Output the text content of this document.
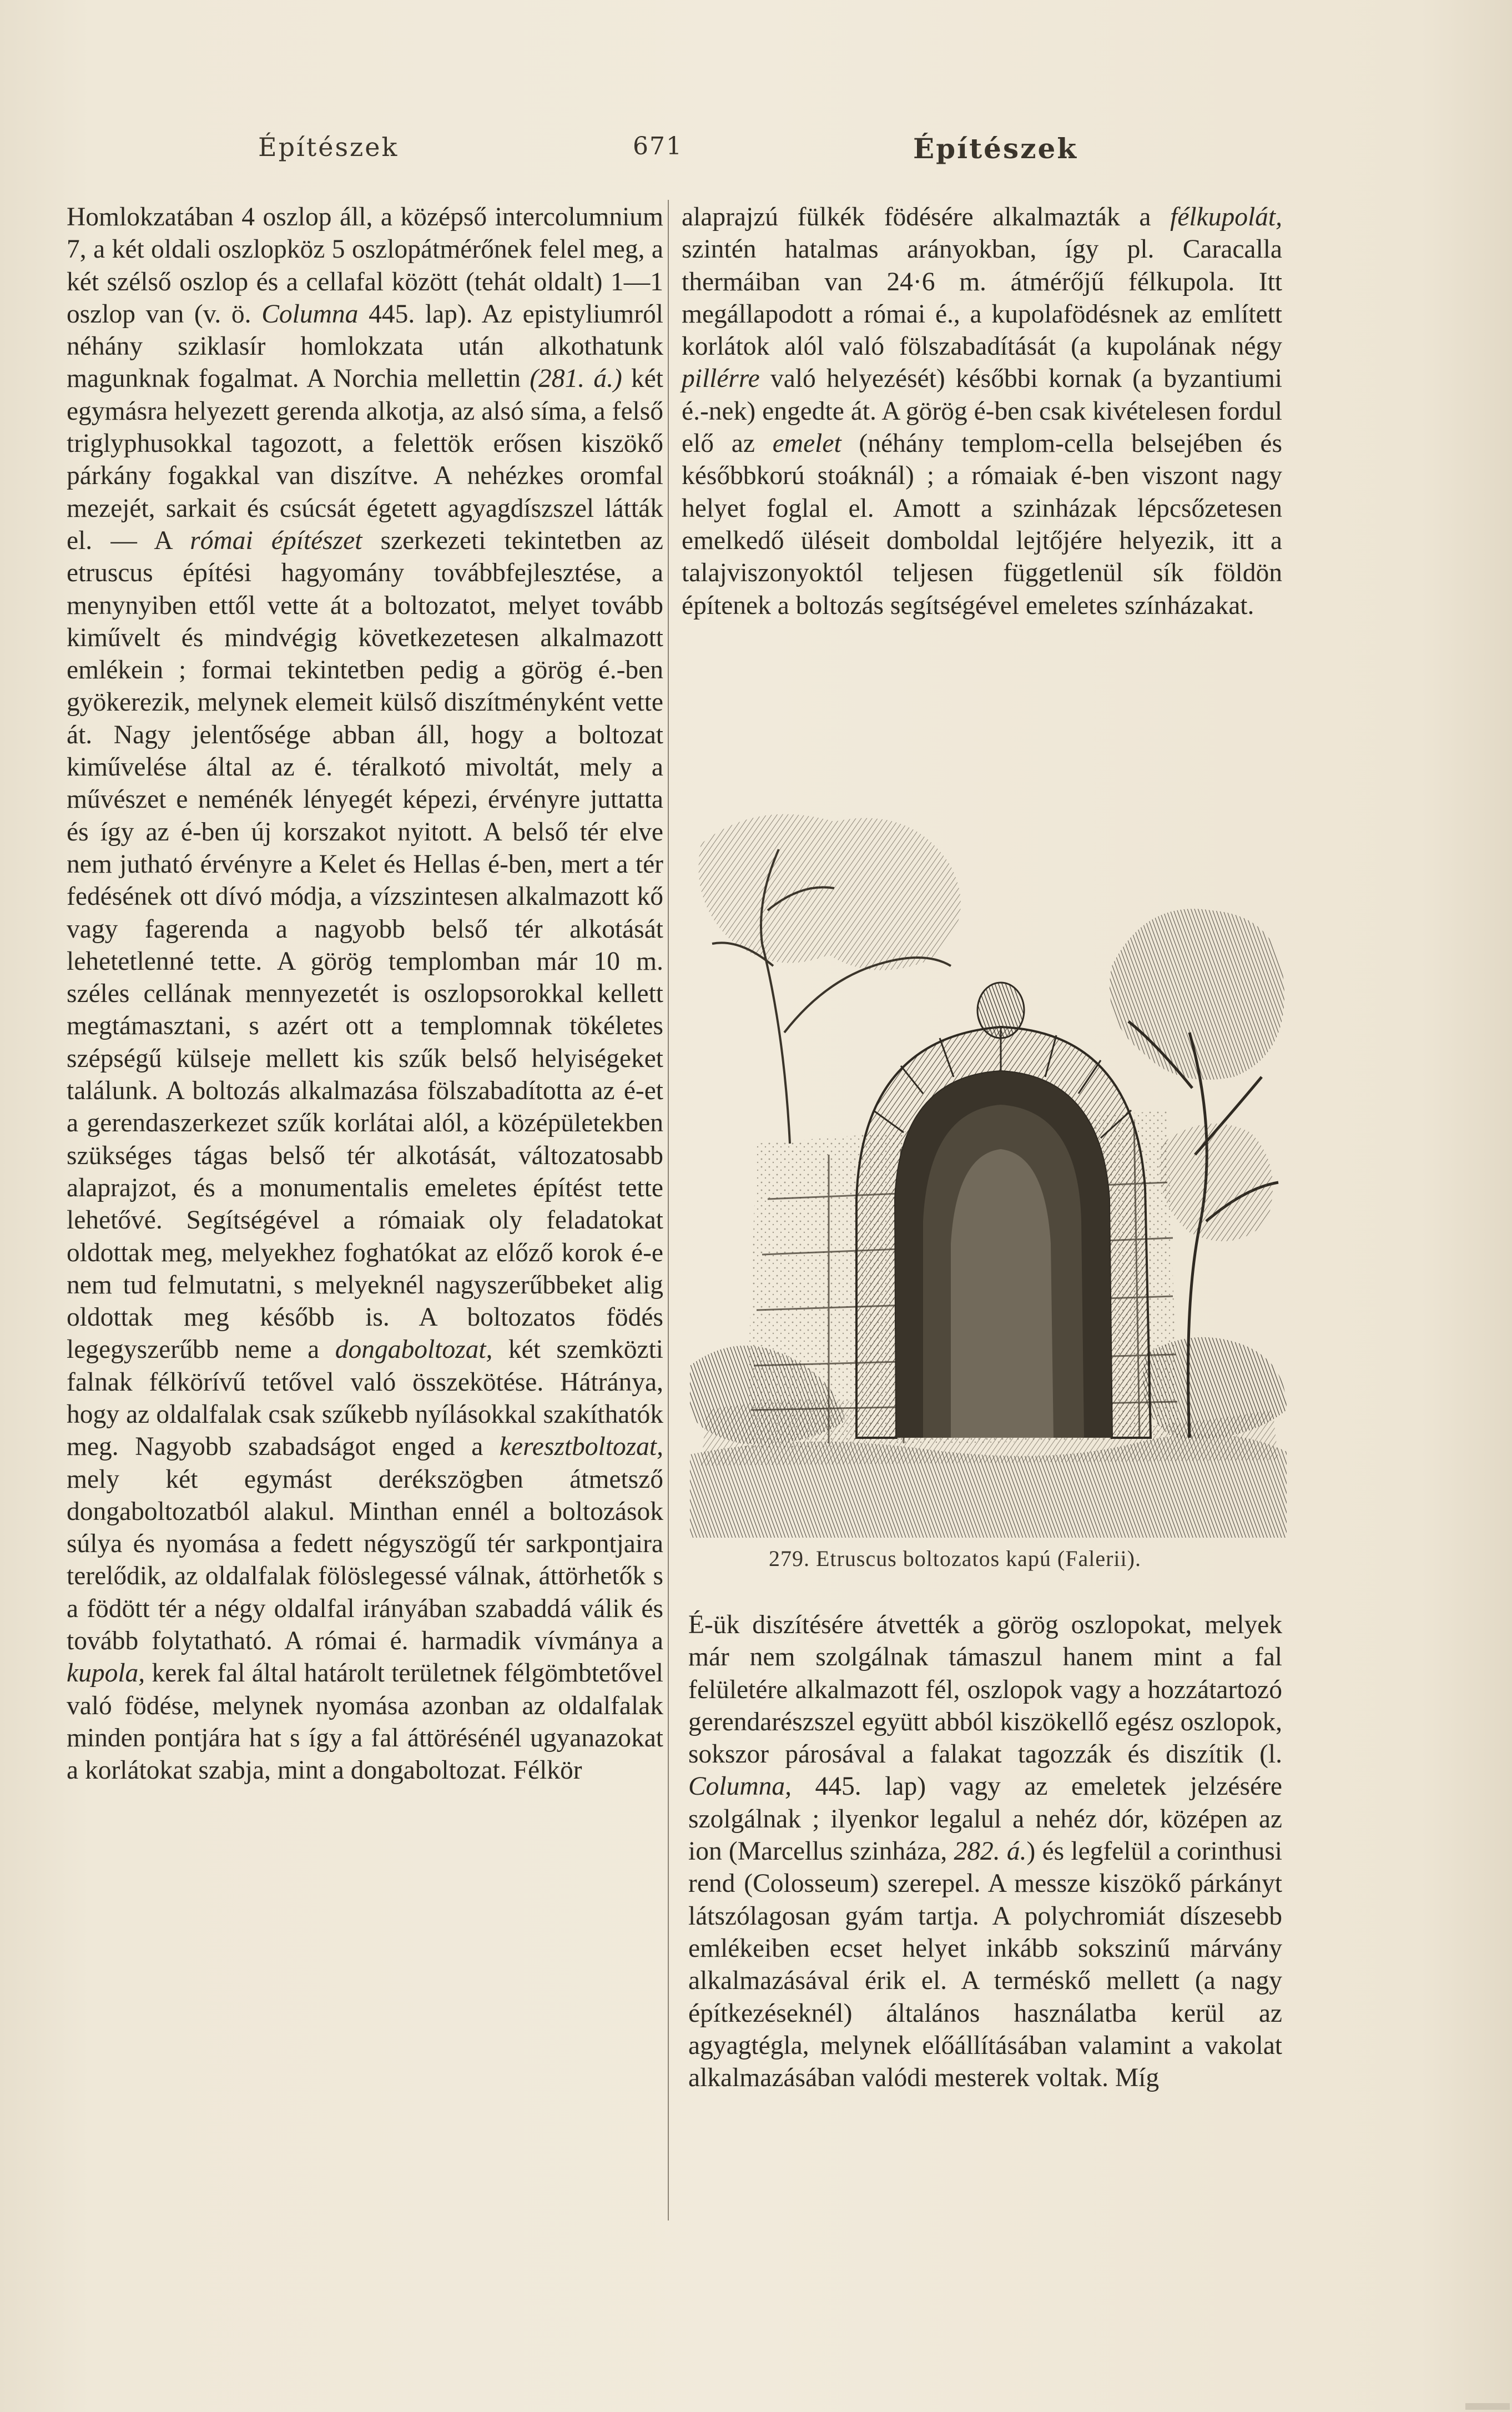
Építészek	671	Építészek

Homlokzatában 4 oszlop áll, a középső intercolumnium 7, a két oldali oszlopköz 5 oszlopátmérőnek felel meg, a két szélső oszlop és a cellafal között (tehát oldalt) 1—1 oszlop van (v. ö. Columna 445. lap). Az epistyliumról néhány sziklasír homlokzata után alkothatunk magunknak fogalmat. A Norchia mellettin (281. á.) két egymásra helyezett gerenda alkotja, az alsó síma, a felső triglyphusokkal tagozott, a felettök erősen kiszökő párkány fogakkal van diszítve. A nehézkes oromfal mezejét, sarkait és csúcsát égetett agyagdíszszel látták el. — A római építészet szerkezeti tekintetben az etruscus építési hagyomány továbbfejlesztése, a menynyiben ettől vette át a boltozatot, melyet tovább kiművelt és mindvégig következetesen alkalmazott emlékein ; formai tekintetben pedig a görög é.-ben gyökerezik, melynek elemeit külső diszítményként vette át. Nagy jelentősége abban áll, hogy a boltozat kiművelése által az é. téralkotó mivoltát, mely a művészet e neménék lényegét képezi, érvényre juttatta és így az é-ben új korszakot nyitott. A belső tér elve nem jutható érvényre a Kelet és Hellas é-ben, mert a tér fedésének ott dívó módja, a vízszintesen alkalmazott kő vagy fagerenda a nagyobb belső tér alkotását lehetetlenné tette. A görög templomban már 10 m. széles cellának mennyezetét is oszlopsorokkal kellett megtámasztani, s azért ott a templomnak tökéletes szépségű külseje mellett kis szűk belső helyiségeket találunk. A boltozás alkalmazása fölszabadította az é-et a gerendaszerkezet szűk korlátai alól, a középületekben szükséges tágas belső tér alkotását, változatosabb alaprajzot, és a monumentalis emeletes építést tette lehetővé. Segítségével a rómaiak oly feladatokat oldottak meg, melyekhez foghatókat az előző korok é-e nem tud felmutatni, s melyeknél nagyszerűbbeket alig oldottak meg később is. A boltozatos födés legegyszerűbb neme a dongaboltozat, két szemközti falnak félkörívű tetővel való összekötése. Hátránya, hogy az oldalfalak csak szűkebb nyílásokkal szakíthatók meg. Nagyobb szabadságot enged a keresztboltozat, mely két egymást derékszögben átmetsző dongaboltozatból alakul. Minthan ennél a boltozások súlya és nyomása a fedett négyszögű tér sarkpontjaira terelődik, az oldalfalak fölöslegessé válnak, áttörhetők s a födött tér a négy oldalfal irányában szabaddá válik és tovább folytatható. A római é. harmadik vívmánya a kupola, kerek fal által határolt területnek félgömbtetővel való födése, melynek nyomása azonban az oldalfalak minden pontjára hat s így a fal áttörésénél ugyanazokat a korlátokat szabja, mint a dongaboltozat. Félkör

alaprajzú fülkék födésére alkalmazták a félkupolát, szintén hatalmas arányokban, így pl. Caracalla thermáiban van 24·6 m. átmérőjű félkupola. Itt megállapodott a római é., a kupolafödésnek az említett korlátok alól való fölszabadítását (a kupolának négy pillérre való helyezését) későbbi kornak (a byzantiumi é.-nek) engedte át. A görög é-ben csak kivételesen fordul elő az emelet (néhány templom-cella belsejében és későbbkorú stoáknál) ; a rómaiak é-ben viszont nagy helyet foglal el. Amott a szinházak lépcsőzetesen emelkedő üléseit domboldal lejtőjére helyezik, itt a talajviszonyoktól teljesen függetlenül sík földön építenek a boltozás segítségével emeletes színházakat.

279. Etruscus boltozatos kapú (Falerii).

É-ük diszítésére átvették a görög oszlopokat, melyek már nem szolgálnak támaszul hanem mint a fal felületére alkalmazott fél, oszlopok vagy a hozzátartozó gerendarészszel együtt abból kiszökellő egész oszlopok, sokszor párosával a falakat tagozzák és diszítik (l. Columna, 445. lap) vagy az emeletek jelzésére szolgálnak ; ilyenkor legalul a nehéz dór, középen az ion (Marcellus szinháza, 282. á.) és legfelül a corinthusi rend (Colosseum) szerepel. A messze kiszökő párkányt látszólagosan gyám tartja. A polychromiát díszesebb emlékeiben ecset helyet inkább sokszinű márvány alkalmazásával érik el. A terméskő mellett (a nagy építkezéseknél) általános használatba kerül az agyagtégla, melynek előállításában valamint a vakolat alkalmazásában valódi mesterek voltak. Míg
